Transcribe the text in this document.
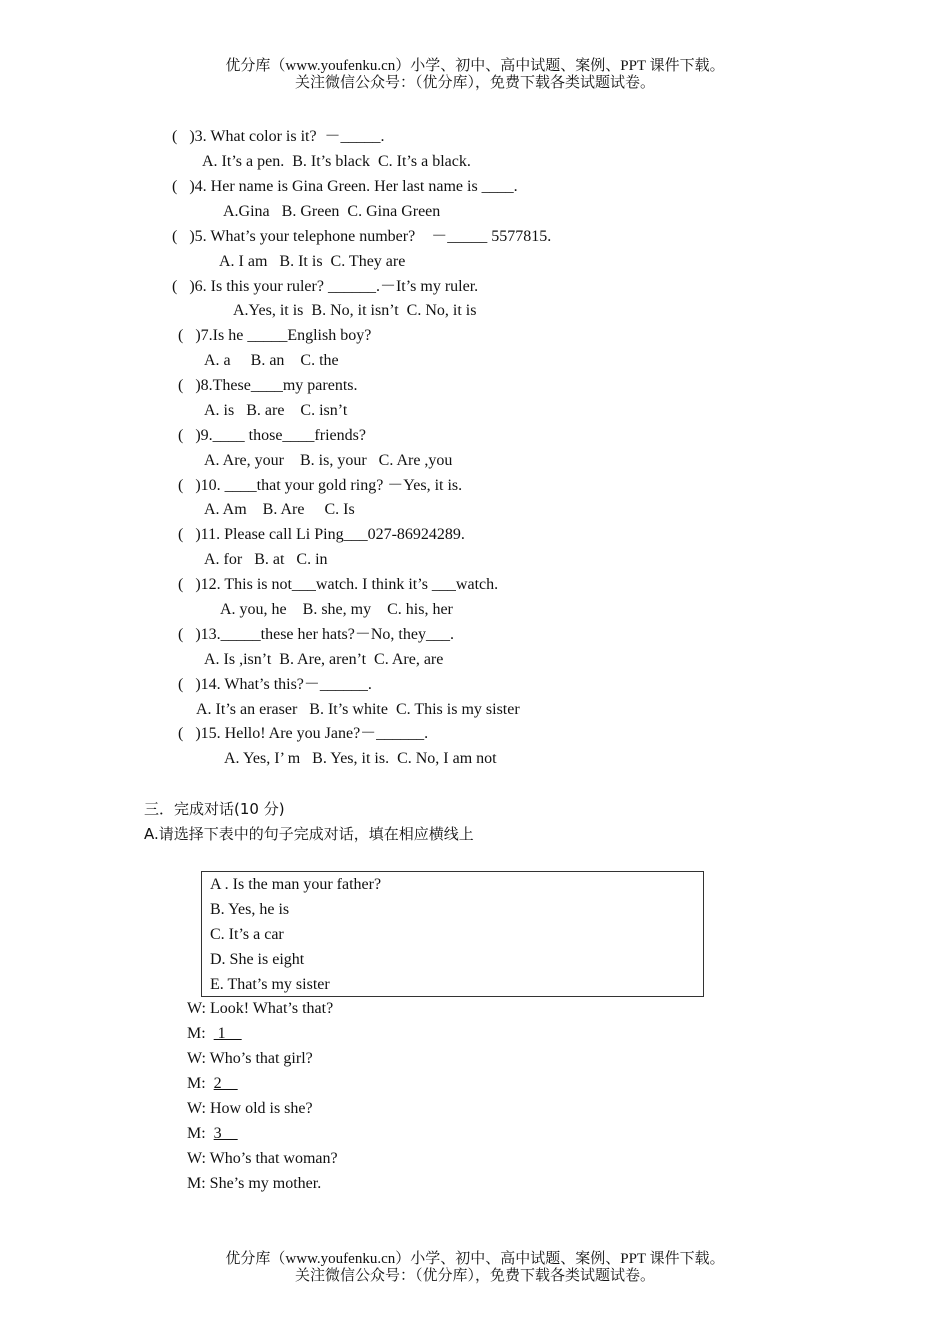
优分库（www.youfenku.cn）小学、初中、高中试题、案例、PPT 课件下载。
关注微信公众号：（优分库），免费下载各类试题试卷。
(   )3. What color is it?  －_____.
A. It’s a pen.  B. It’s black  C. It’s a black.
(   )4. Her name is Gina Green. Her last name is ____.
A.Gina   B. Green  C. Gina Green
(   )5. What’s your telephone number?    －_____ 5577815.
A. I am   B. It is  C. They are
(   )6. Is this your ruler? ______.－It’s my ruler.
A.Yes, it is  B. No, it isn’t  C. No, it is
(   )7.Is he _____English boy?
A. a     B. an    C. the
(   )8.These____my parents.
A. is   B. are    C. isn’t
(   )9.____ those____friends?
A. Are, your    B. is, your   C. Are ,you
(   )10. ____that your gold ring? －Yes, it is.
A. Am    B. Are     C. Is
(   )11. Please call Li Ping___027-86924289.
A. for   B. at   C. in
(   )12. This is not___watch. I think it’s ___watch.
A. you, he    B. she, my    C. his, her
(   )13._____these her hats?－No, they___.
A. Is ,isn’t  B. Are, aren’t  C. Are, are
(   )14. What’s this?－______.
A. It’s an eraser   B. It’s white  C. This is my sister
(   )15. Hello! Are you Jane?－______.
A. Yes, I’ m   B. Yes, it is.  C. No, I am not
三．完成对话(10 分)
A.请选择下表中的句子完成对话，填在相应横线上
A . Is the man your father?
B. Yes, he is
C. It’s a car
D. She is eight
E. That’s my sister
W: Look! What’s that?
M:   1
W: Who’s that girl?
M:  2
W: How old is she?
M:  3
W: Who’s that woman?
M: She’s my mother.
优分库（www.youfenku.cn）小学、初中、高中试题、案例、PPT 课件下载。
关注微信公众号：（优分库），免费下载各类试题试卷。
